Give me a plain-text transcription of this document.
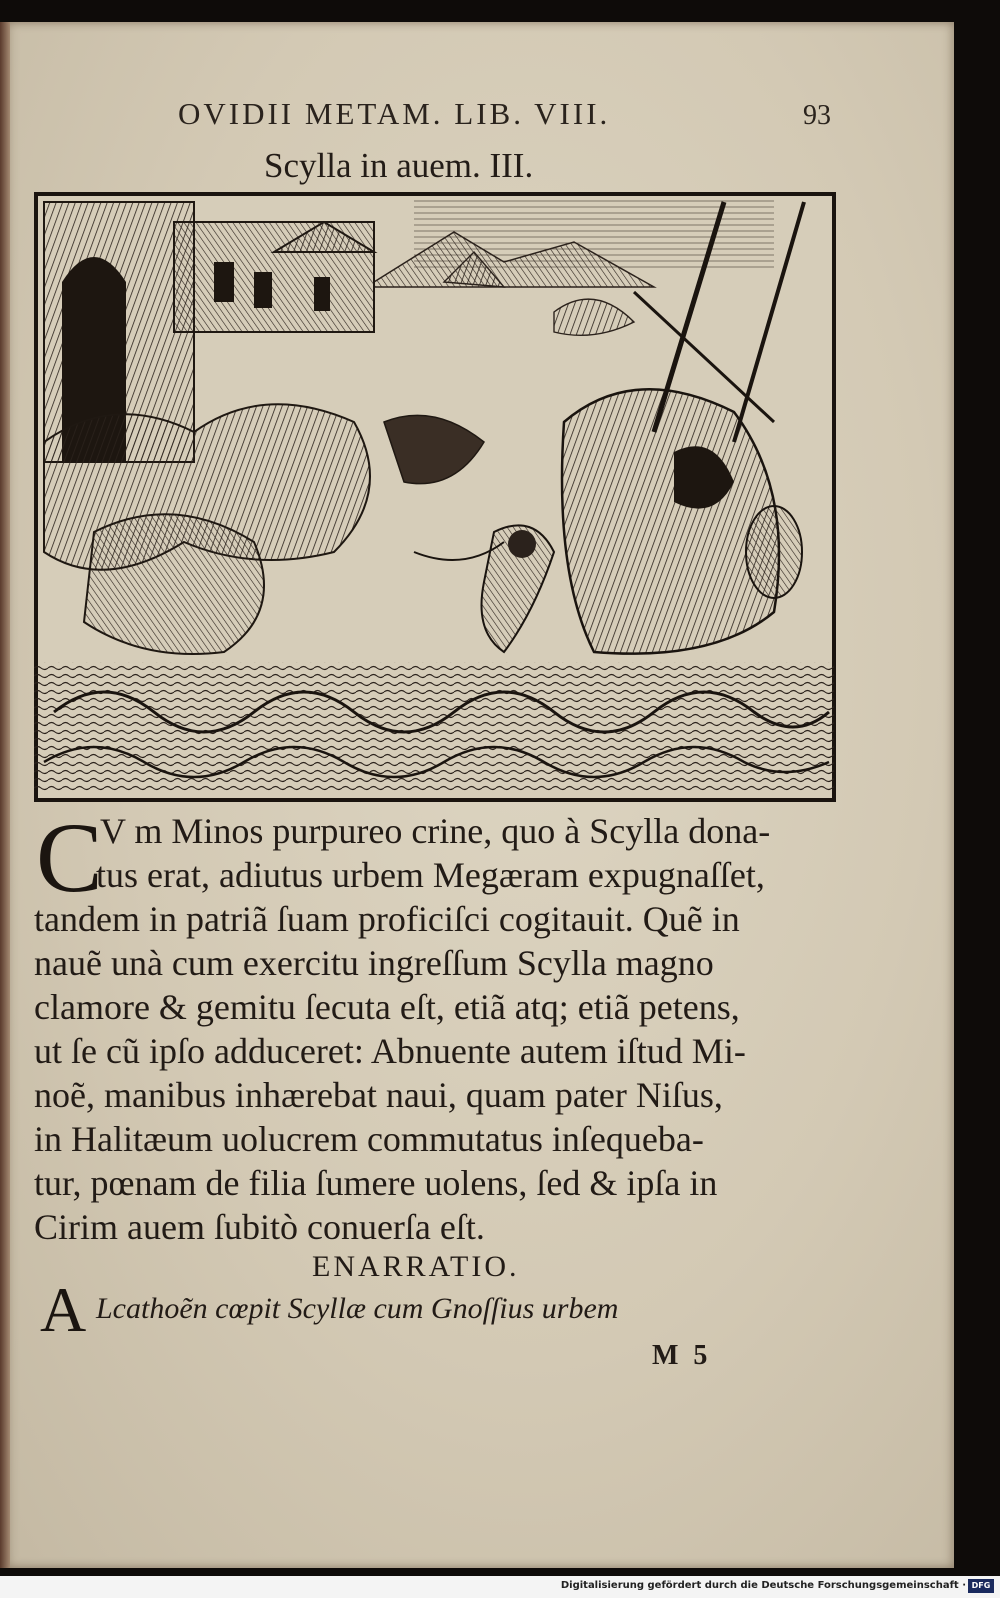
OVIDII METAM. LIB. VIII.	93
Scylla in auem. III.
C
V m Minos purpureo crine, quo à Scylla dona-
tus erat, adiutus urbem Megæram expugnaſſet,
tandem in patriã ſuam proficiſci cogitauit. Quẽ in
nauẽ unà cum exercitu ingreſſum Scylla magno
clamore & gemitu ſecuta eſt, etiã atq; etiã petens,
ut ſe cũ ipſo adduceret: Abnuente autem iſtud Mi-
noẽ, manibus inhærebat naui, quam pater Niſus,
in Halitæum uolucrem commutatus inſequeba-
tur, pœnam de filia ſumere uolens, ſed & ipſa in
Cirim auem ſubitò conuerſa eſt.
ENARRATIO.
A Lcathoẽn cœpit Scyllæ cum Gnoſſius urbem
M 5
Digitalisierung gefördert durch die Deutsche Forschungsgemeinschaft · DFG
